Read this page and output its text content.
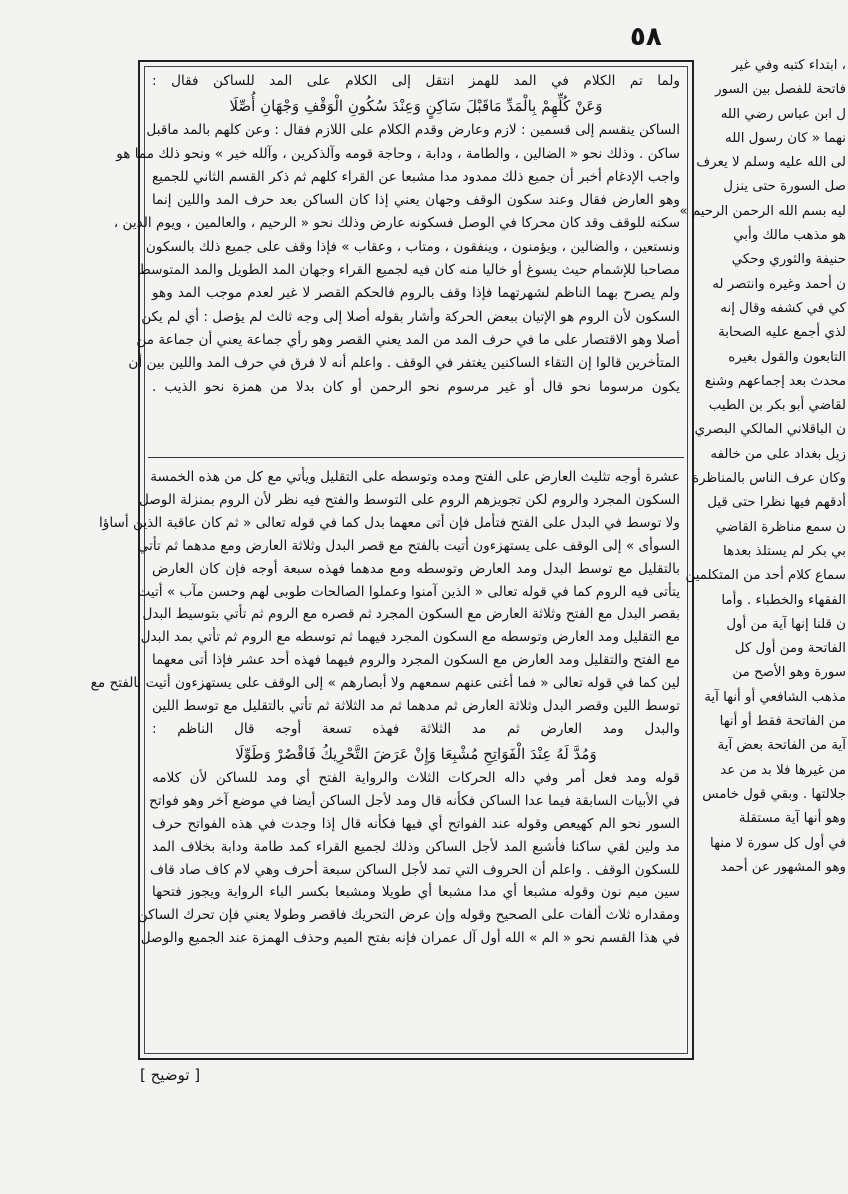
٥٨
ولما تم الكلام في المد للهمز انتقل إلى الكلام على المد للساكن فقال :
وَعَنْ كُلِّهِمْ بِالْمَدِّ مَاقَبْلَ سَاكِنٍ وَعِنْدَ سُكُونِ الْوَقْفِ وَجْهَانِ أُصِّلَا
الساكن ينقسم إلى قسمين : لازم وعارض وقدم الكلام على اللازم فقال : وعن كلهم بالمد ماقبل
ساكن . وذلك نحو « الضالين ، والطامة ، ودابة ، وحاجة قومه وآلذكرين ، وآلله خير » ونحو ذلك مما هو
واجب الإدغام أخبر أن جميع ذلك ممدود مدا مشبعا عن القراء كلهم ثم ذكر القسم الثاني للجميع
وهو العارض فقال وعند سكون الوقف وجهان يعني إذا كان الساكن بعد حرف المد واللين إنما
سكنه للوقف وقد كان محركا في الوصل فسكونه عارض وذلك نحو « الرحيم ، والعالمين ، ويوم الدين ،
ونستعين ، والضالين ، ويؤمنون ، وينفقون ، ومتاب ، وعقاب » فإذا وقف على جميع ذلك بالسكون
مصاحبا للإشمام حيث يسوغ أو خاليا منه كان فيه لجميع القراء وجهان المد الطويل والمد المتوسط
ولم يصرح بهما الناظم لشهرتهما فإذا وقف بالروم فالحكم القصر لا غير لعدم موجب المد وهو
السكون لأن الروم هو الإتيان ببعض الحركة وأشار بقوله أصلا إلى وجه ثالث لم يؤصل : أي لم يكن
أصلا وهو الاقتصار على ما في حرف المد من المد يعني القصر وهو رأي جماعة يعني أن جماعة من
المتأخرين قالوا إن التقاء الساكنين يغتفر في الوقف . واعلم أنه لا فرق في حرف المد واللين بين أن
يكون مرسوما نحو قال أو غير مرسوم نحو الرحمن أو كان بدلا من همزة نحو الذيب .
عشرة أوجه تثليث العارض على الفتح ومده وتوسطه على التقليل ويأتي مع كل من هذه الخمسة
السكون المجرد والروم لكن تجويزهم الروم على التوسط والفتح فيه نظر لأن الروم بمنزلة الوصل
ولا توسط في البدل على الفتح فتأمل فإن أتى معهما بدل كما في قوله تعالى « ثم كان عاقبة الذين أساؤا
السوأى » إلى الوقف على يستهزءون أتيت بالفتح مع قصر البدل وثلاثة العارض ومع مدهما ثم تأتي
بالتقليل مع توسط البدل ومد العارض وتوسطه ومع مدهما فهذه سبعة أوجه فإن كان العارض
يتأتى فيه الروم كما في قوله تعالى « الذين آمنوا وعملوا الصالحات طوبى لهم وحسن مآب » أتيت
بقصر البدل مع الفتح وثلاثة العارض مع السكون المجرد ثم قصره مع الروم ثم تأتي بتوسيط البدل
مع التقليل ومد العارض وتوسطه مع السكون المجرد فيهما ثم توسطه مع الروم ثم تأتي بمد البدل
مع الفتح والتقليل ومد العارض مع السكون المجرد والروم فيهما فهذه أحد عشر فإذا أتى معهما
لين كما في قوله تعالى « فما أغنى عنهم سمعهم ولا أبصارهم » إلى الوقف على يستهزءون أتيت بالفتح مع
توسط اللين وقصر البدل وثلاثة العارض ثم مدهما ثم مد الثلاثة ثم تأتي بالتقليل مع توسط اللين
والبدل ومد العارض ثم مد الثلاثة فهذه تسعة أوجه قال الناظم :
وَمُدَّ لَهُ عِنْدَ الْفَوَاتِحِ مُشْبِعَا وَإِنْ عَرَضَ التَّحْرِيكُ فَاقْصُرْ وَطَوِّلَا
قوله ومد فعل أمر وفي داله الحركات الثلاث والرواية الفتح أي ومد للساكن لأن كلامه
في الأبيات السابقة فيما عدا الساكن فكأنه قال ومد لأجل الساكن أيضا في موضع آخر وهو فواتح
السور نحو الم كهيعص وقوله عند الفواتح أي فيها فكأنه قال إذا وجدت في هذه الفواتح حرف
مد ولين لقي ساكنا فأشبع المد لأجل الساكن وذلك لجميع القراء كمد طامة ودابة بخلاف المد
للسكون الوقف . واعلم أن الحروف التي تمد لأجل الساكن سبعة أحرف وهي لام كاف صاد قاف
سين ميم نون وقوله مشبعا أي مدا مشبعا أي طويلا ومشبعا بكسر الباء الرواية ويجوز فتحها
ومقداره ثلاث ألفات على الصحيح وقوله وإن عرض التحريك فاقصر وطولا يعني فإن تحرك الساكن
في هذا القسم نحو « الم » الله أول آل عمران فإنه بفتح الميم وحذف الهمزة عند الجميع والوصل
، ابتداء كتبه وفي غير
فاتحة للفصل بين السور
ل ابن عباس رضي الله
نهما « كان رسول الله
لى الله عليه وسلم لا يعرف
صل السورة حتى ينزل
ليه بسم الله الرحمن الرحيم »
هو مذهب مالك وأبي
حنيفة والثوري وحكي
ن أحمد وغيره وانتصر له
كي في كشفه وقال إنه
لذي أجمع عليه الصحابة
التابعون والقول بغيره
محدث بعد إجماعهم وشنع
لقاضي أبو بكر بن الطيب
ن الباقلاني المالكي البصري
زيل بغداد على من خالفه
وكان عرف الناس بالمناظرة
أدقهم فيها نظرا حتى قيل
ن سمع مناظرة القاضي
بي بكر لم يستلذ بعدها
سماع كلام أحد من المتكلمين
الفقهاء والخطباء . وأما
ن قلنا إنها آية من أول
الفاتحة ومن أول كل
سورة وهو الأصح من
مذهب الشافعي أو أنها آية
من الفاتحة فقط أو أنها
آية من الفاتحة بعض آية
من غيرها فلا بد من عد
جلالتها . وبقي قول خامس
وهو أنها آية مستقلة
في أول كل سورة لا منها
وهو المشهور عن أحمد
[ توضيح ]
